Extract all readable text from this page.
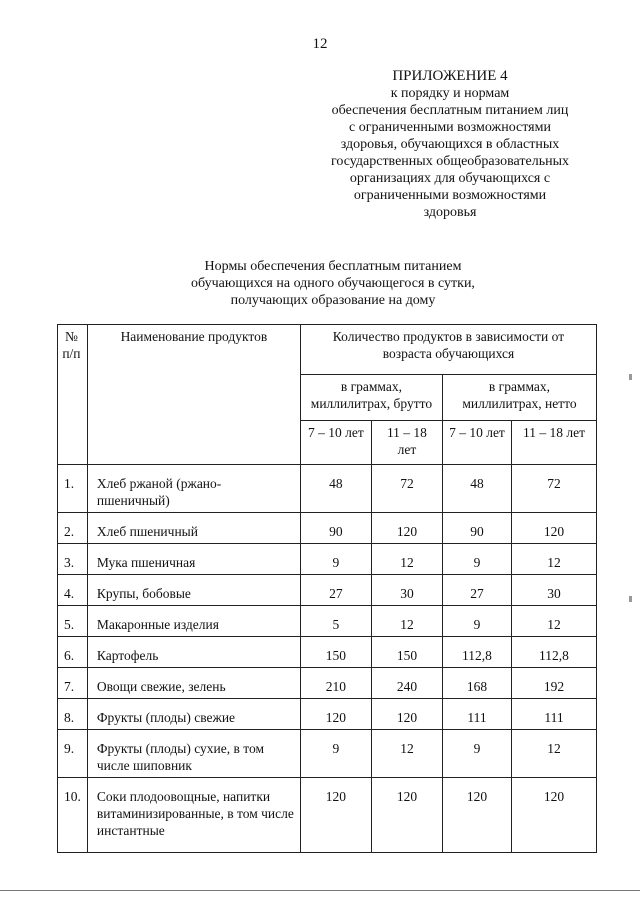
12
ПРИЛОЖЕНИЕ 4
к порядку и нормам
обеспечения бесплатным питанием лиц
с ограниченными возможностями
здоровья, обучающихся в областных
государственных общеобразовательных
организациях для обучающихся с
ограниченными возможностями
здоровья
Нормы обеспечения бесплатным питанием
обучающихся на одного обучающегося в сутки,
получающих образование на дому
№ п/п	Наименование продуктов	Количество продуктов в зависимости от возраста обучающихся			
		в граммах, миллилитрах, брутто		в граммах, миллилитрах, нетто	
		7 – 10 лет	11 – 18 лет	7 – 10 лет	11 – 18 лет
1.	Хлеб ржаной (ржано-пшеничный)	48	72	48	72
2.	Хлеб пшеничный	90	120	90	120
3.	Мука пшеничная	9	12	9	12
4.	Крупы, бобовые	27	30	27	30
5.	Макаронные изделия	5	12	9	12
6.	Картофель	150	150	112,8	112,8
7.	Овощи свежие, зелень	210	240	168	192
8.	Фрукты (плоды) свежие	120	120	111	111
9.	Фрукты (плоды) сухие, в том числе шиповник	9	12	9	12
10.	Соки плодоовощные, напитки витаминизированные, в том числе инстантные	120	120	120	120
